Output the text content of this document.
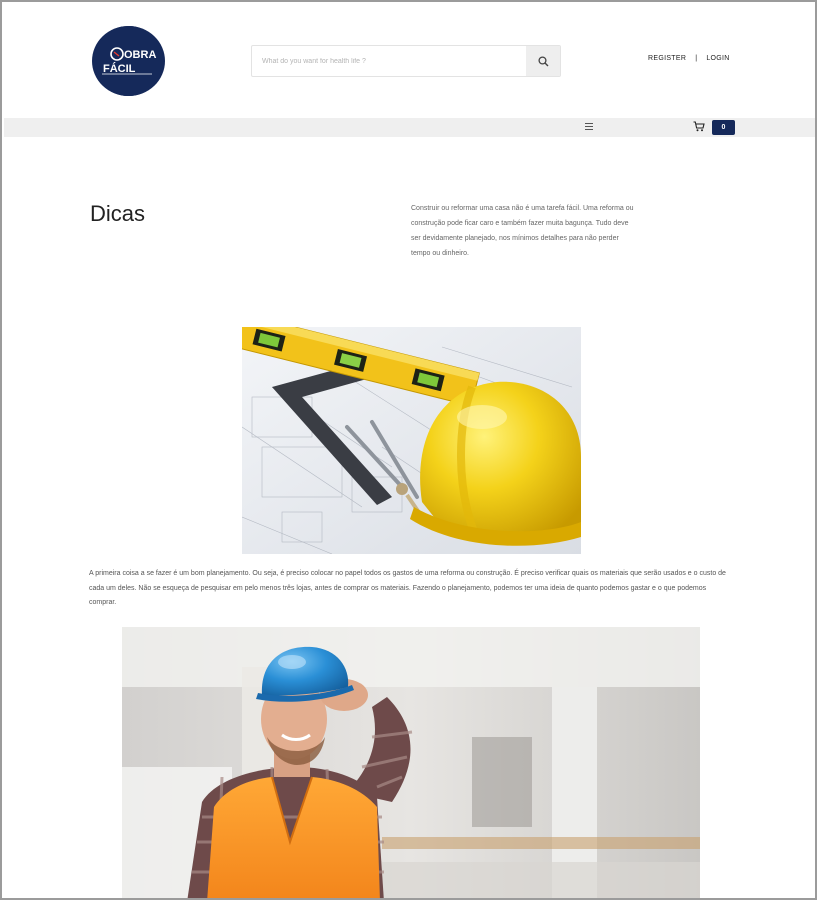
OBRA
FÁCIL
What do you want for health life ?
REGISTER | LOGIN
0
Dicas	Construir ou reformar uma casa não é uma tarefa fácil. Uma reforma ou construção pode ficar caro e também fazer muita bagunça. Tudo deve ser devidamente planejado, nos mínimos detalhes para não perder tempo ou dinheiro.

A primeira coisa a se fazer é um bom planejamento. Ou seja, é preciso colocar no papel todos os gastos de uma reforma ou construção. É preciso verificar quais os materiais que serão usados e o custo de cada um deles. Não se esqueça de pesquisar em pelo menos três lojas, antes de comprar os materiais. Fazendo o planejamento, podemos ter uma ideia de quanto podemos gastar e o que podemos comprar.
